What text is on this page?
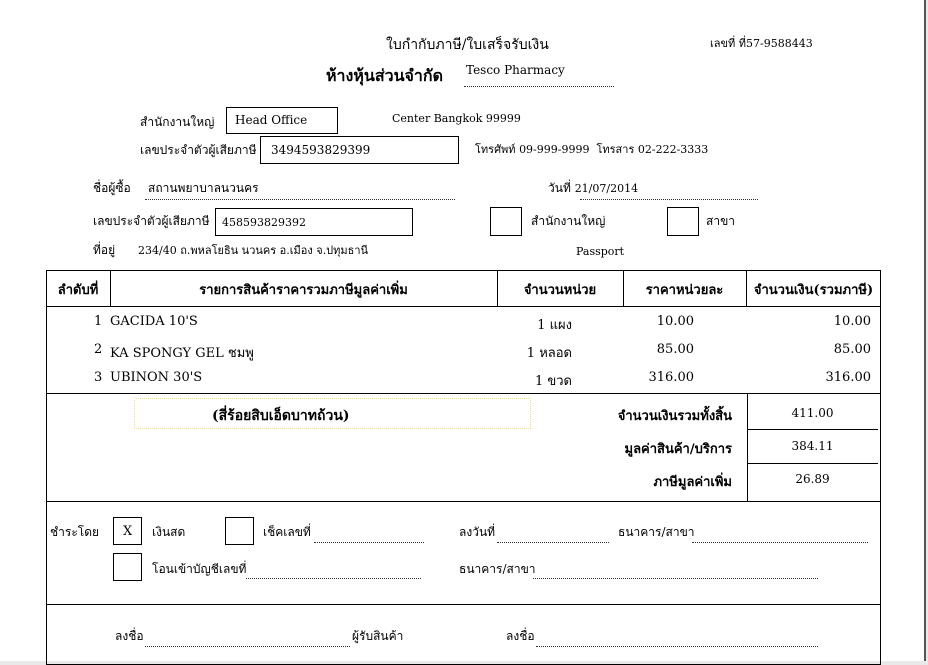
ใบกำกับภาษี/ใบเสร็จรับเงิน	เลขที่ ที่57-9588443
ห้างหุ้นส่วนจำกัด Tesco Pharmacy
สำนักงานใหญ่ Head Office	Center Bangkok 99999
เลขประจำตัวผู้เสียภาษี 3494593829399	โทรศัพท์ 09-999-9999 โทรสาร 02-222-3333
ชื่อผู้ซื้อ สถานพยาบาลนวนคร	วันที่ 21/07/2014
เลขประจำตัวผู้เสียภาษี 458593829392	สำนักงานใหญ่	สาขา
ที่อยู่ 234/40 ถ.พหลโยธิน นวนคร อ.เมือง จ.ปทุมธานี	Passport
ลำดับที่	รายการสินค้าราคารวมภาษีมูลค่าเพิ่ม	จำนวนหน่วย	ราคาหน่วยละ	จำนวนเงิน(รวมภาษี)
1 GACIDA 10'S	1 แผง	10.00	10.00
2 KA SPONGY GEL ชมพู	1 หลอด	85.00	85.00
3 UBINON 30'S	1 ขวด	316.00	316.00
(สี่ร้อยสิบเอ็ดบาทถ้วน)	จำนวนเงินรวมทั้งสิ้น	411.00
มูลค่าสินค้า/บริการ	384.11
ภาษีมูลค่าเพิ่ม	26.89
ชำระโดย X เงินสด	เช็คเลขที่	ลงวันที่	ธนาคาร/สาขา
โอนเข้าบัญชีเลขที่	ธนาคาร/สาขา
ลงชื่อ	ผู้รับสินค้า	ลงชื่อ
